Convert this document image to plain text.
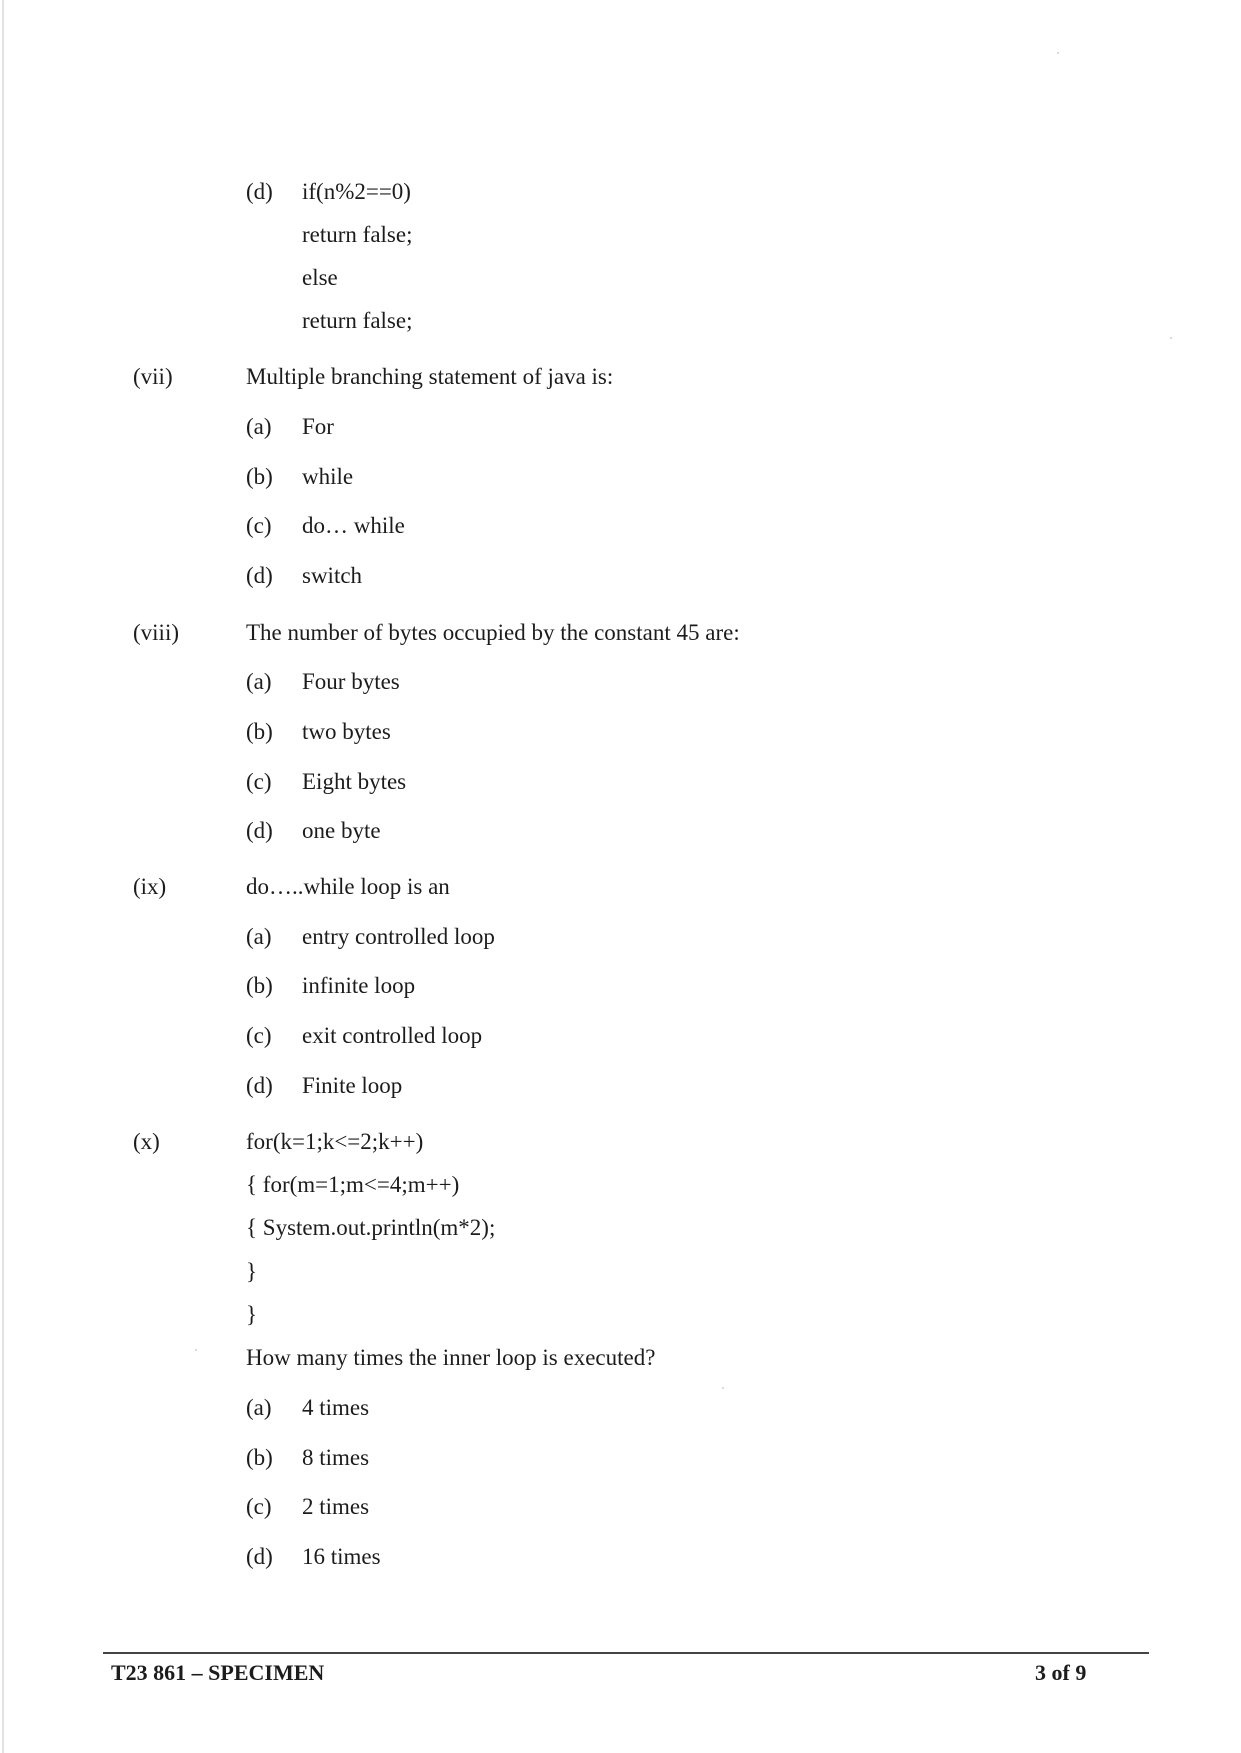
(d) if(n%2==0)
return false;
else
return false;
(vii)	Multiple branching statement of java is:
(a) For
(b) while
(c) do… while
(d) switch
(viii)	The number of bytes occupied by the constant 45 are:
(a) Four bytes
(b) two bytes
(c) Eight bytes
(d) one byte
(ix)	do…..while loop is an
(a) entry controlled loop
(b) infinite loop
(c) exit controlled loop
(d) Finite loop
(x)	for(k=1;k<=2;k++)
{ for(m=1;m<=4;m++)
{ System.out.println(m*2);
}
}
How many times the inner loop is executed?
(a) 4 times
(b) 8 times
(c) 2 times
(d) 16 times
T23 861 – SPECIMEN	3 of 9
